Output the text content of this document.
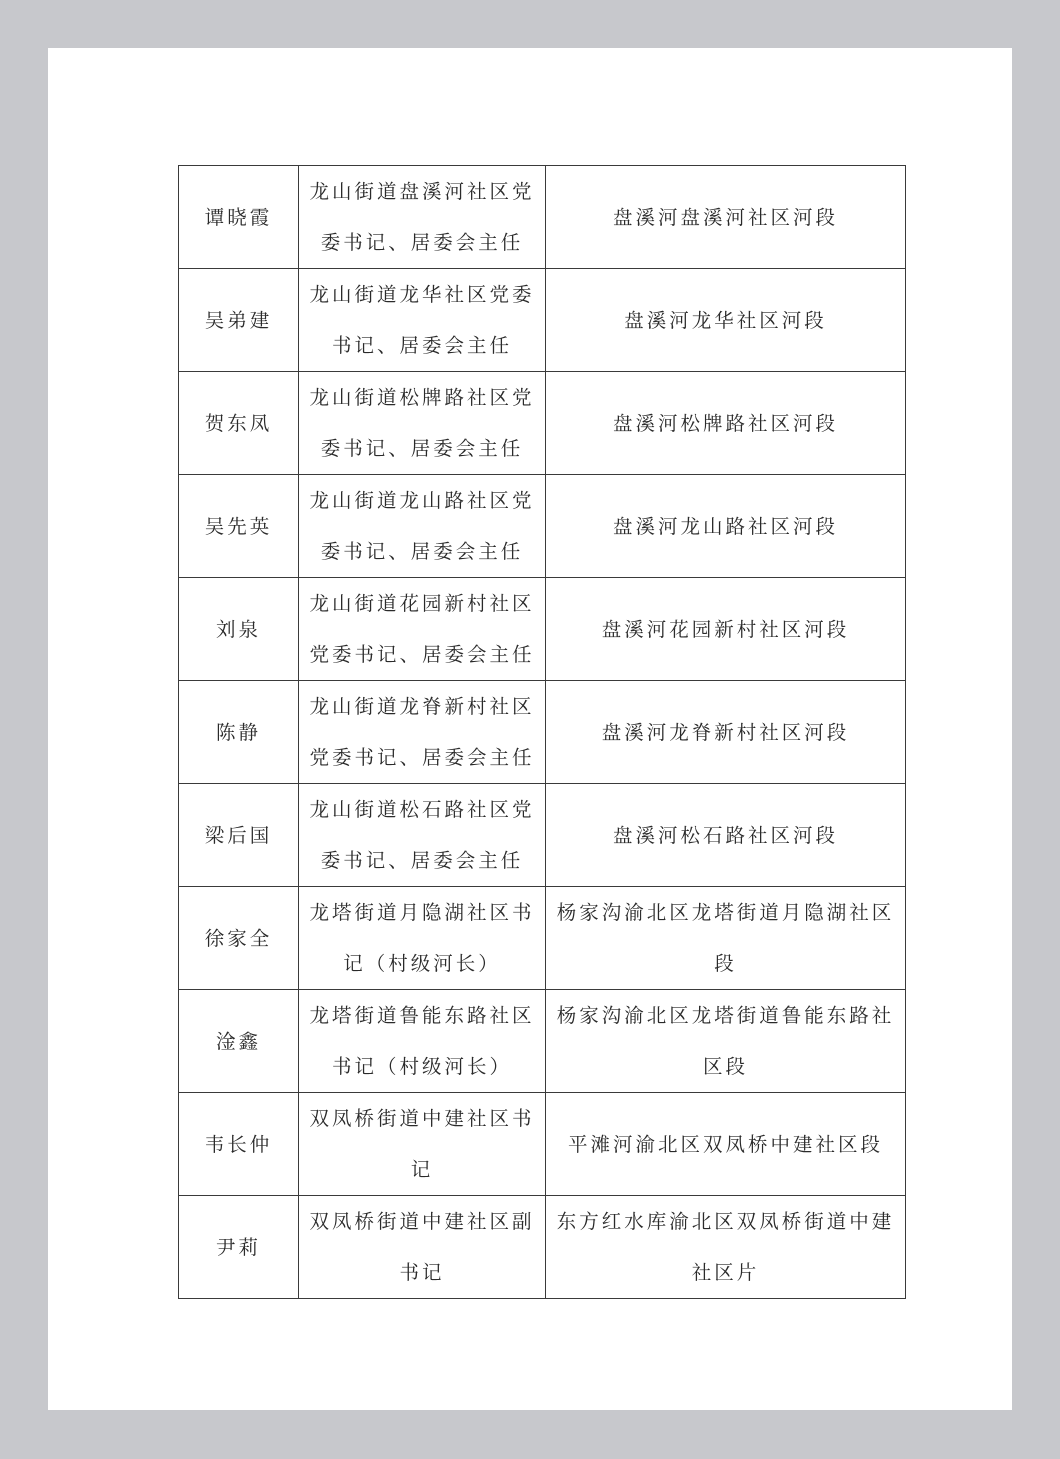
谭晓霞	龙山街道盘溪河社区党委书记、居委会主任	盘溪河盘溪河社区河段
吴弟建	龙山街道龙华社区党委书记、居委会主任	盘溪河龙华社区河段
贺东凤	龙山街道松牌路社区党委书记、居委会主任	盘溪河松牌路社区河段
吴先英	龙山街道龙山路社区党委书记、居委会主任	盘溪河龙山路社区河段
刘泉	龙山街道花园新村社区党委书记、居委会主任	盘溪河花园新村社区河段
陈静	龙山街道龙脊新村社区党委书记、居委会主任	盘溪河龙脊新村社区河段
梁后国	龙山街道松石路社区党委书记、居委会主任	盘溪河松石路社区河段
徐家全	龙塔街道月隐湖社区书记（村级河长）	杨家沟渝北区龙塔街道月隐湖社区段
淦鑫	龙塔街道鲁能东路社区书记（村级河长）	杨家沟渝北区龙塔街道鲁能东路社区段
韦长仲	双凤桥街道中建社区书记	平滩河渝北区双凤桥中建社区段
尹莉	双凤桥街道中建社区副书记	东方红水库渝北区双凤桥街道中建社区片
